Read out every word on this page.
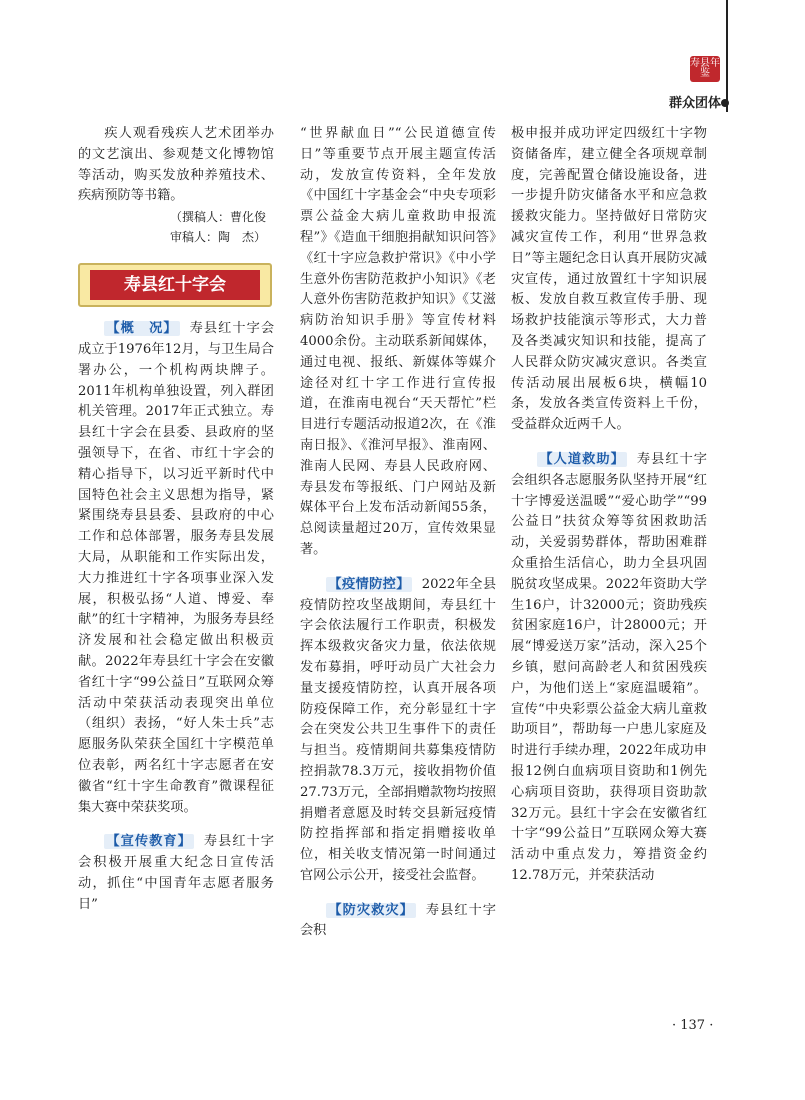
寿县年鉴
群众团体

疾人观看残疾人艺术团举办的文艺演出、参观楚文化博物馆等活动，购买发放种养殖技术、疾病预防等书籍。

（撰稿人：曹化俊
审稿人：陶　杰）
寿县红十字会

【概　况】 寿县红十字会成立于1976年12月，与卫生局合署办公，一个机构两块牌子。2011年机构单独设置，列入群团机关管理。2017年正式独立。寿县红十字会在县委、县政府的坚强领导下，在省、市红十字会的精心指导下，以习近平新时代中国特色社会主义思想为指导，紧紧围绕寿县县委、县政府的中心工作和总体部署，服务寿县发展大局，从职能和工作实际出发，大力推进红十字各项事业深入发展，积极弘扬“人道、博爱、奉献”的红十字精神，为服务寿县经济发展和社会稳定做出积极贡献。2022年寿县红十字会在安徽省红十字“99公益日”互联网众筹活动中荣获活动表现突出单位（组织）表扬，“好人朱士兵”志愿服务队荣获全国红十字模范单位表彰，两名红十字志愿者在安徽省“红十字生命教育”微课程征集大赛中荣获奖项。

【宣传教育】 寿县红十字会积极开展重大纪念日宣传活动，抓住“中国青年志愿者服务日”

“世界献血日”“公民道德宣传日”等重要节点开展主题宣传活动，发放宣传资料，全年发放《中国红十字基金会“中央专项彩票公益金大病儿童救助申报流程”》《造血干细胞捐献知识问答》《红十字应急救护常识》《中小学生意外伤害防范救护小知识》《老人意外伤害防范救护知识》《艾滋病防治知识手册》等宣传材料4000余份。主动联系新闻媒体，通过电视、报纸、新媒体等媒介途径对红十字工作进行宣传报道，在淮南电视台“天天帮忙”栏目进行专题活动报道2次，在《淮南日报》、《淮河早报》、淮南网、淮南人民网、寿县人民政府网、寿县发布等报纸、门户网站及新媒体平台上发布活动新闻55条，总阅读量超过20万，宣传效果显著。

【疫情防控】 2022年全县疫情防控攻坚战期间，寿县红十字会依法履行工作职责，积极发挥本级救灾备灾力量，依法依规发布募捐，呼吁动员广大社会力量支援疫情防控，认真开展各项防疫保障工作，充分彰显红十字会在突发公共卫生事件下的责任与担当。疫情期间共募集疫情防控捐款78.3万元，接收捐物价值27.73万元，全部捐赠款物均按照捐赠者意愿及时转交县新冠疫情防控指挥部和指定捐赠接收单位，相关收支情况第一时间通过官网公示公开，接受社会监督。

【防灾救灾】 寿县红十字会积

极申报并成功评定四级红十字物资储备库，建立健全各项规章制度，完善配置仓储设施设备，进一步提升防灾储备水平和应急救援救灾能力。坚持做好日常防灾减灾宣传工作，利用“世界急救日”等主题纪念日认真开展防灾减灾宣传，通过放置红十字知识展板、发放自救互救宣传手册、现场救护技能演示等形式，大力普及各类减灾知识和技能，提高了人民群众防灾减灾意识。各类宣传活动展出展板6块，横幅10条，发放各类宣传资料上千份，受益群众近两千人。

【人道救助】 寿县红十字会组织各志愿服务队坚持开展“红十字博爱送温暖”“爱心助学”“99公益日”扶贫众筹等贫困救助活动，关爱弱势群体，帮助困难群众重拾生活信心，助力全县巩固脱贫攻坚成果。2022年资助大学生16户，计32000元；资助残疾贫困家庭16户，计28000元；开展“博爱送万家”活动，深入25个乡镇，慰问高龄老人和贫困残疾户，为他们送上“家庭温暖箱”。宣传“中央彩票公益金大病儿童救助项目”，帮助每一户患儿家庭及时进行手续办理，2022年成功申报12例白血病项目资助和1例先心病项目资助，获得项目资助款32万元。县红十字会在安徽省红十字“99公益日”互联网众筹大赛活动中重点发力，筹措资金约12.78万元，并荣获活动

· 137 ·
